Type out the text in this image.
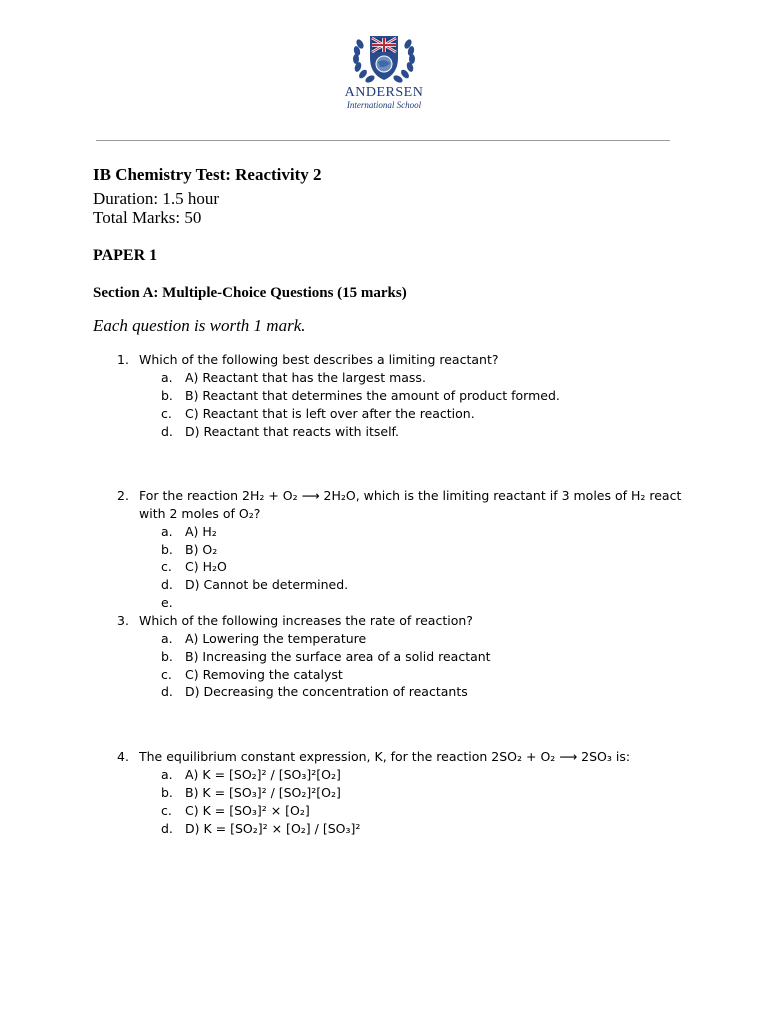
ANDERSEN
International School
IB Chemistry Test: Reactivity 2
Duration: 1.5 hour
Total Marks: 50
PAPER 1
Section A: Multiple-Choice Questions (15 marks)
Each question is worth 1 mark.
1. Which of the following best describes a limiting reactant?
a. A) Reactant that has the largest mass.
b. B) Reactant that determines the amount of product formed.
c. C) Reactant that is left over after the reaction.
d. D) Reactant that reacts with itself.
2. For the reaction 2H₂ + O₂ ⟶ 2H₂O, which is the limiting reactant if 3 moles of H₂ react
with 2 moles of O₂?
a. A) H₂
b. B) O₂
c. C) H₂O
d. D) Cannot be determined.
e.
3. Which of the following increases the rate of reaction?
a. A) Lowering the temperature
b. B) Increasing the surface area of a solid reactant
c. C) Removing the catalyst
d. D) Decreasing the concentration of reactants
4. The equilibrium constant expression, K, for the reaction 2SO₂ + O₂ ⟶ 2SO₃ is:
a. A) K = [SO₂]² / [SO₃]²[O₂]
b. B) K = [SO₃]² / [SO₂]²[O₂]
c. C) K = [SO₃]² × [O₂]
d. D) K = [SO₂]² × [O₂] / [SO₃]²
